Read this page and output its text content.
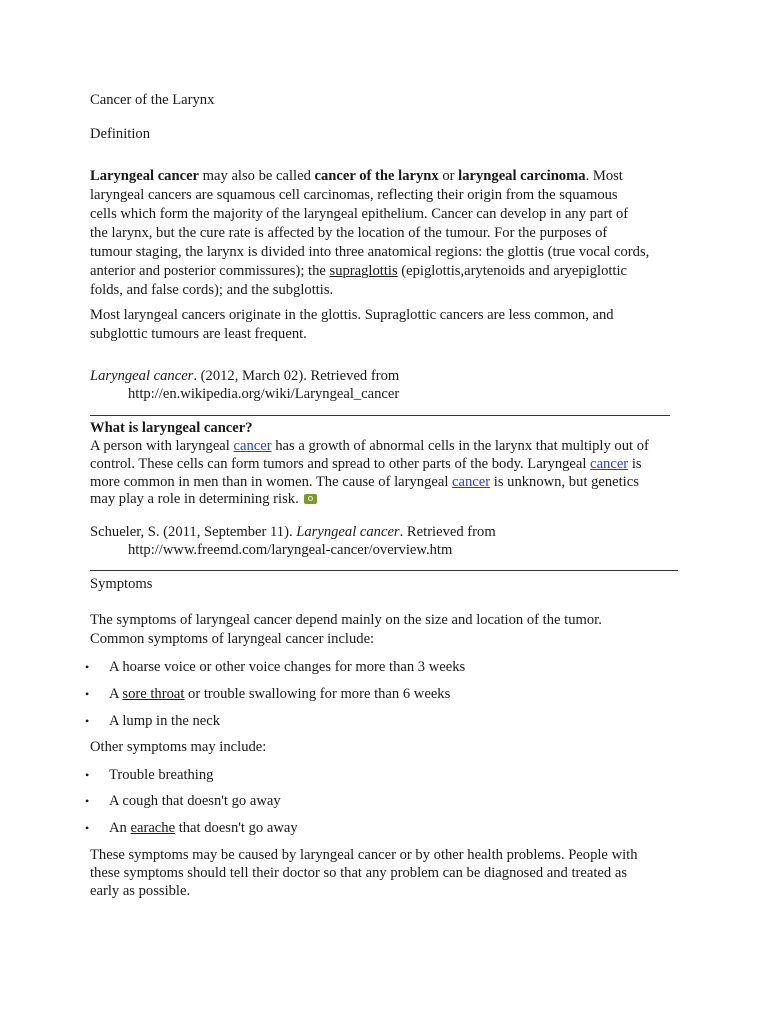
Cancer of the Larynx
Definition
Laryngeal cancer may also be called cancer of the larynx or laryngeal carcinoma. Most
laryngeal cancers are squamous cell carcinomas, reflecting their origin from the squamous
cells which form the majority of the laryngeal epithelium. Cancer can develop in any part of
the larynx, but the cure rate is affected by the location of the tumour. For the purposes of
tumour staging, the larynx is divided into three anatomical regions: the glottis (true vocal cords,
anterior and posterior commissures); the supraglottis (epiglottis,arytenoids and aryepiglottic
folds, and false cords); and the subglottis.
Most laryngeal cancers originate in the glottis. Supraglottic cancers are less common, and
subglottic tumours are least frequent.
Laryngeal cancer. (2012, March 02). Retrieved from
http://en.wikipedia.org/wiki/Laryngeal_cancer
What is laryngeal cancer?
A person with laryngeal cancer has a growth of abnormal cells in the larynx that multiply out of
control. These cells can form tumors and spread to other parts of the body. Laryngeal cancer is
more common in men than in women. The cause of laryngeal cancer is unknown, but genetics
may play a role in determining risk.
Schueler, S. (2011, September 11). Laryngeal cancer. Retrieved from
http://www.freemd.com/laryngeal-cancer/overview.htm
Symptoms
The symptoms of laryngeal cancer depend mainly on the size and location of the tumor.
Common symptoms of laryngeal cancer include:
• A hoarse voice or other voice changes for more than 3 weeks
• A sore throat or trouble swallowing for more than 6 weeks
• A lump in the neck
Other symptoms may include:
• Trouble breathing
• A cough that doesn't go away
• An earache that doesn't go away
These symptoms may be caused by laryngeal cancer or by other health problems. People with
these symptoms should tell their doctor so that any problem can be diagnosed and treated as
early as possible.
